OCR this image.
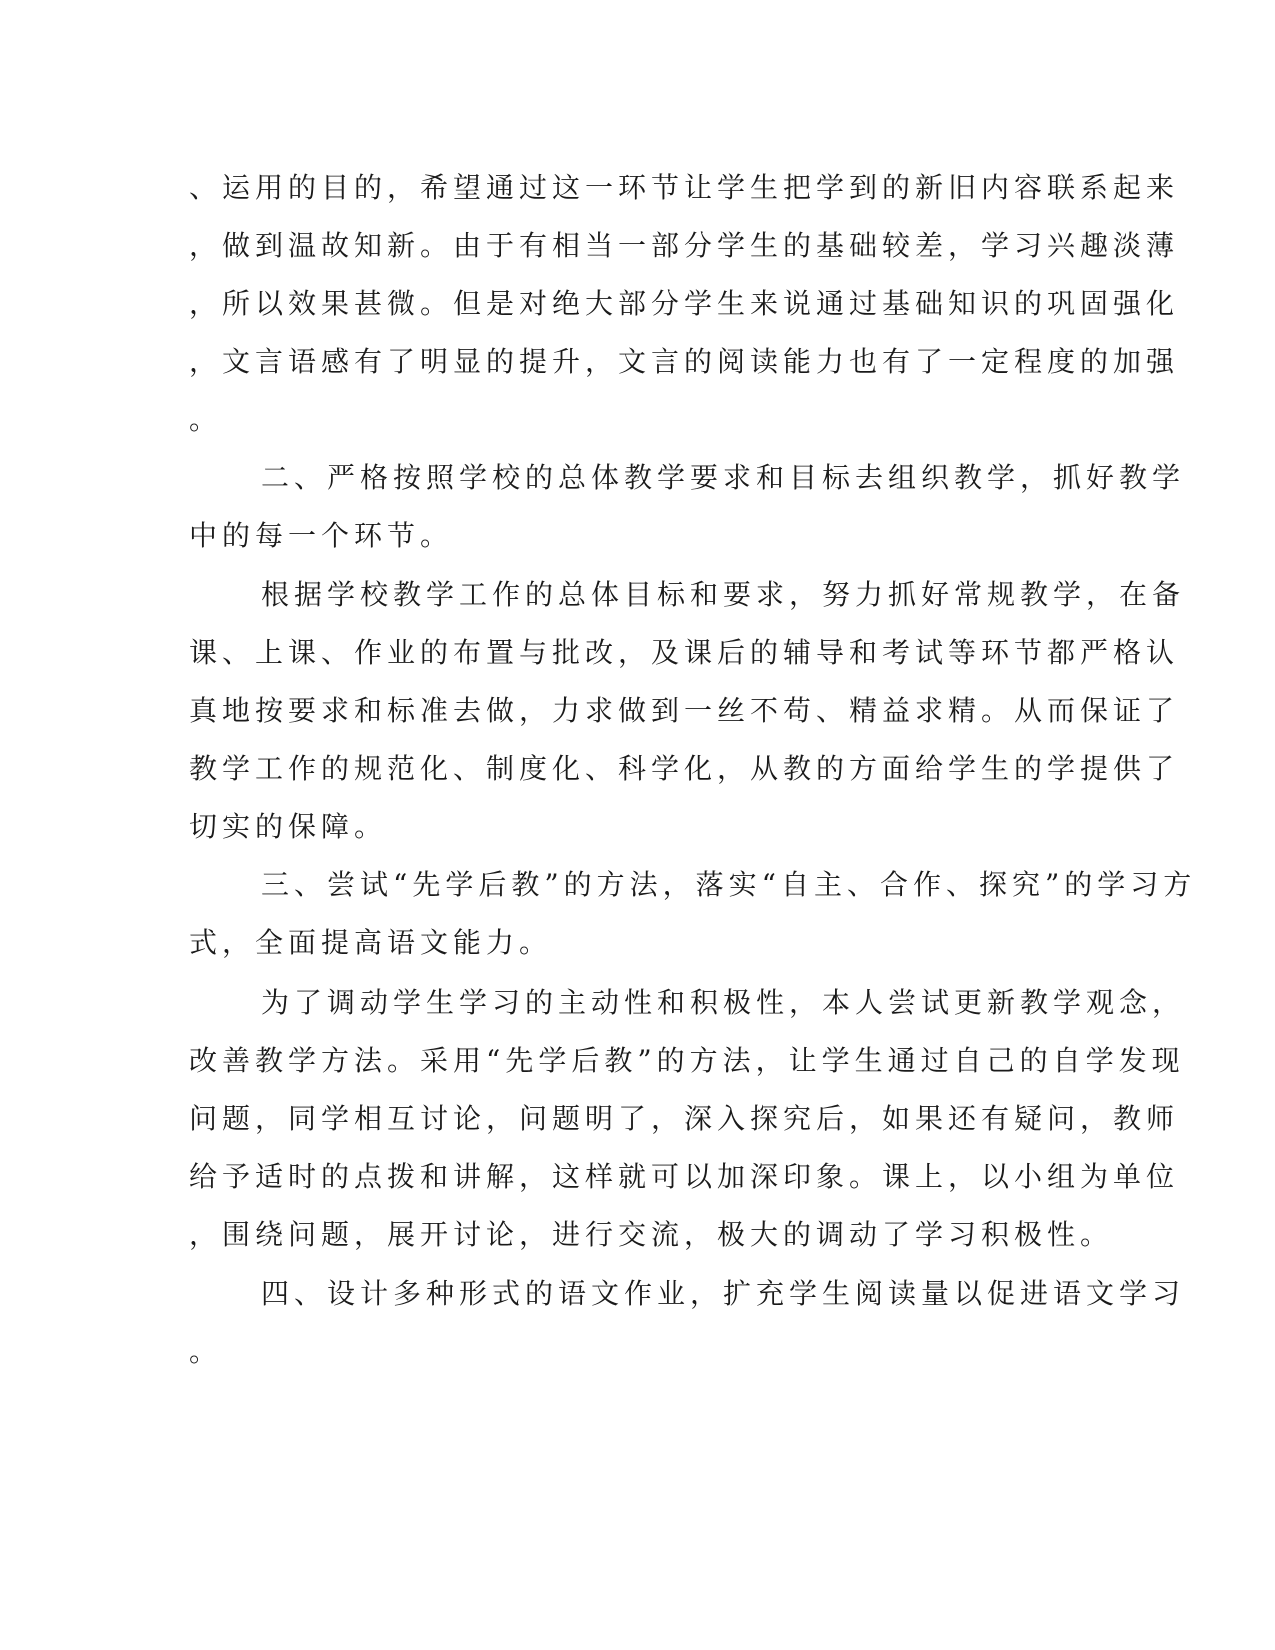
、运用的目的，希望通过这一环节让学生把学到的新旧内容联系起来
，做到温故知新。由于有相当一部分学生的基础较差，学习兴趣淡薄
，所以效果甚微。但是对绝大部分学生来说通过基础知识的巩固强化
，文言语感有了明显的提升，文言的阅读能力也有了一定程度的加强
。
二、严格按照学校的总体教学要求和目标去组织教学，抓好教学
中的每一个环节。
根据学校教学工作的总体目标和要求，努力抓好常规教学，在备
课、上课、作业的布置与批改，及课后的辅导和考试等环节都严格认
真地按要求和标准去做，力求做到一丝不苟、精益求精。从而保证了
教学工作的规范化、制度化、科学化，从教的方面给学生的学提供了
切实的保障。
三、尝试“先学后教”的方法，落实“自主、合作、探究”的学习方
式，全面提高语文能力。
为了调动学生学习的主动性和积极性，本人尝试更新教学观念，
改善教学方法。采用“先学后教”的方法，让学生通过自己的自学发现
问题，同学相互讨论，问题明了，深入探究后，如果还有疑问，教师
给予适时的点拨和讲解，这样就可以加深印象。课上，以小组为单位
，围绕问题，展开讨论，进行交流，极大的调动了学习积极性。
四、设计多种形式的语文作业，扩充学生阅读量以促进语文学习
。
